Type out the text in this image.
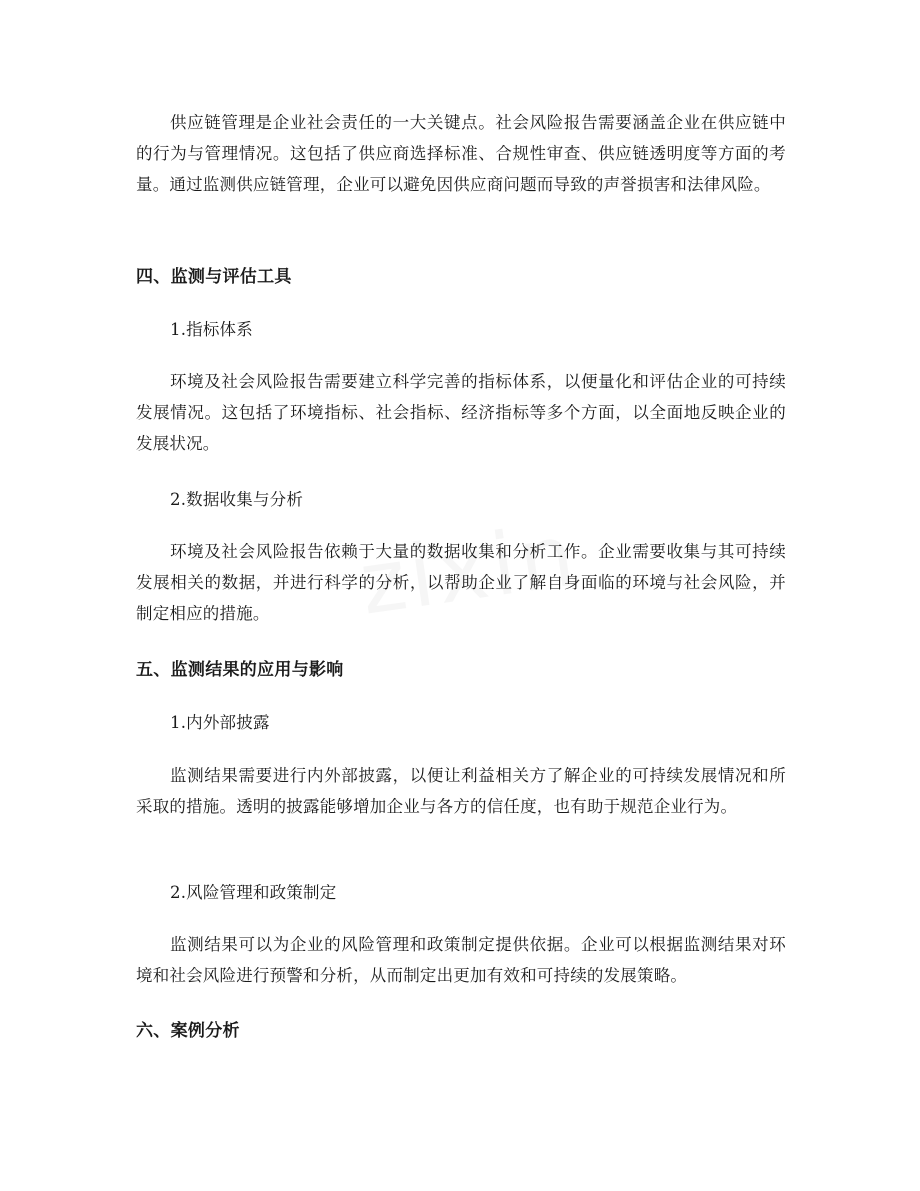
供应链管理是企业社会责任的一大关键点。社会风险报告需要涵盖企业在供应链中的行为与管理情况。这包括了供应商选择标准、合规性审查、供应链透明度等方面的考量。通过监测供应链管理，企业可以避免因供应商问题而导致的声誉损害和法律风险。

四、监测与评估工具

1.指标体系

环境及社会风险报告需要建立科学完善的指标体系，以便量化和评估企业的可持续发展情况。这包括了环境指标、社会指标、经济指标等多个方面，以全面地反映企业的发展状况。

2.数据收集与分析

环境及社会风险报告依赖于大量的数据收集和分析工作。企业需要收集与其可持续发展相关的数据，并进行科学的分析，以帮助企业了解自身面临的环境与社会风险，并制定相应的措施。

五、监测结果的应用与影响

1.内外部披露

监测结果需要进行内外部披露，以便让利益相关方了解企业的可持续发展情况和所采取的措施。透明的披露能够增加企业与各方的信任度，也有助于规范企业行为。

2.风险管理和政策制定

监测结果可以为企业的风险管理和政策制定提供依据。企业可以根据监测结果对环境和社会风险进行预警和分析，从而制定出更加有效和可持续的发展策略。

六、案例分析
